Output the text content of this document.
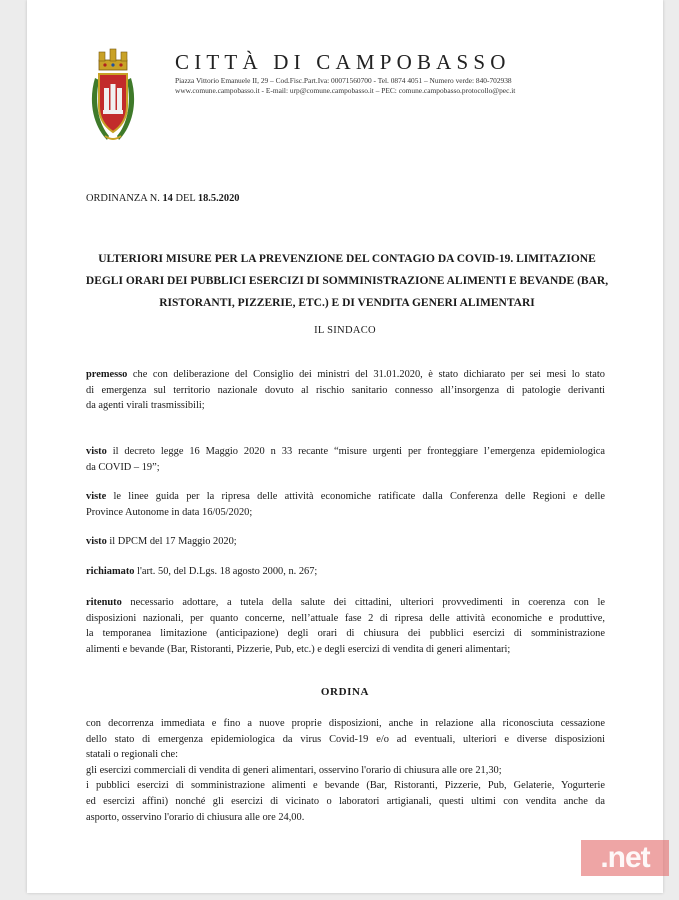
CITTÀ DI CAMPOBASSO
Piazza Vittorio Emanuele II, 29 – Cod.Fisc.Part.Iva: 00071560700 - Tel. 0874 4051 – Numero verde: 840-702938
www.comune.campobasso.it - E-mail: urp@comune.campobasso.it – PEC: comune.campobasso.protocollo@pec.it
ORDINANZA N. 14 DEL 18.5.2020
ULTERIORI MISURE PER LA PREVENZIONE DEL CONTAGIO DA COVID-19. LIMITAZIONE
DEGLI ORARI DEI PUBBLICI ESERCIZI DI SOMMINISTRAZIONE ALIMENTI E BEVANDE (BAR,
RISTORANTI, PIZZERIE, ETC.) E DI VENDITA GENERI ALIMENTARI
IL SINDACO
premesso che con deliberazione del Consiglio dei ministri del 31.01.2020, è stato dichiarato per sei mesi lo stato
di emergenza sul territorio nazionale dovuto al rischio sanitario connesso all’insorgenza di patologie derivanti
da agenti virali trasmissibili;
visto il decreto legge 16 Maggio 2020 n 33 recante “misure urgenti per fronteggiare l’emergenza epidemiologica
da COVID – 19”;
viste le linee guida per la ripresa delle attività economiche ratificate dalla Conferenza delle Regioni e delle
Province Autonome in data 16/05/2020;
visto il DPCM del 17 Maggio 2020;
richiamato l'art. 50, del D.Lgs. 18 agosto 2000, n. 267;
ritenuto necessario adottare, a tutela della salute dei cittadini, ulteriori provvedimenti in coerenza con le
disposizioni nazionali, per quanto concerne, nell’attuale fase 2 di ripresa delle attività economiche e produttive,
la temporanea limitazione (anticipazione) degli orari di chiusura dei pubblici esercizi di somministrazione
alimenti e bevande (Bar, Ristoranti, Pizzerie, Pub, etc.) e degli esercizi di vendita di generi alimentari;
ORDINA
con decorrenza immediata e fino a nuove proprie disposizioni, anche in relazione alla riconosciuta cessazione
dello stato di emergenza epidemiologica da virus Covid-19 e/o ad eventuali, ulteriori e diverse disposizioni
statali o regionali che:
gli esercizi commerciali di vendita di generi alimentari, osservino l'orario di chiusura alle ore 21,30;
i pubblici esercizi di somministrazione alimenti e bevande (Bar, Ristoranti, Pizzerie, Pub, Gelaterie, Yogurterie
ed esercizi affini) nonché gli esercizi di vicinato o laboratori artigianali, questi ultimi con vendita anche da
asporto, osservino l'orario di chiusura alle ore 24,00.
.net
